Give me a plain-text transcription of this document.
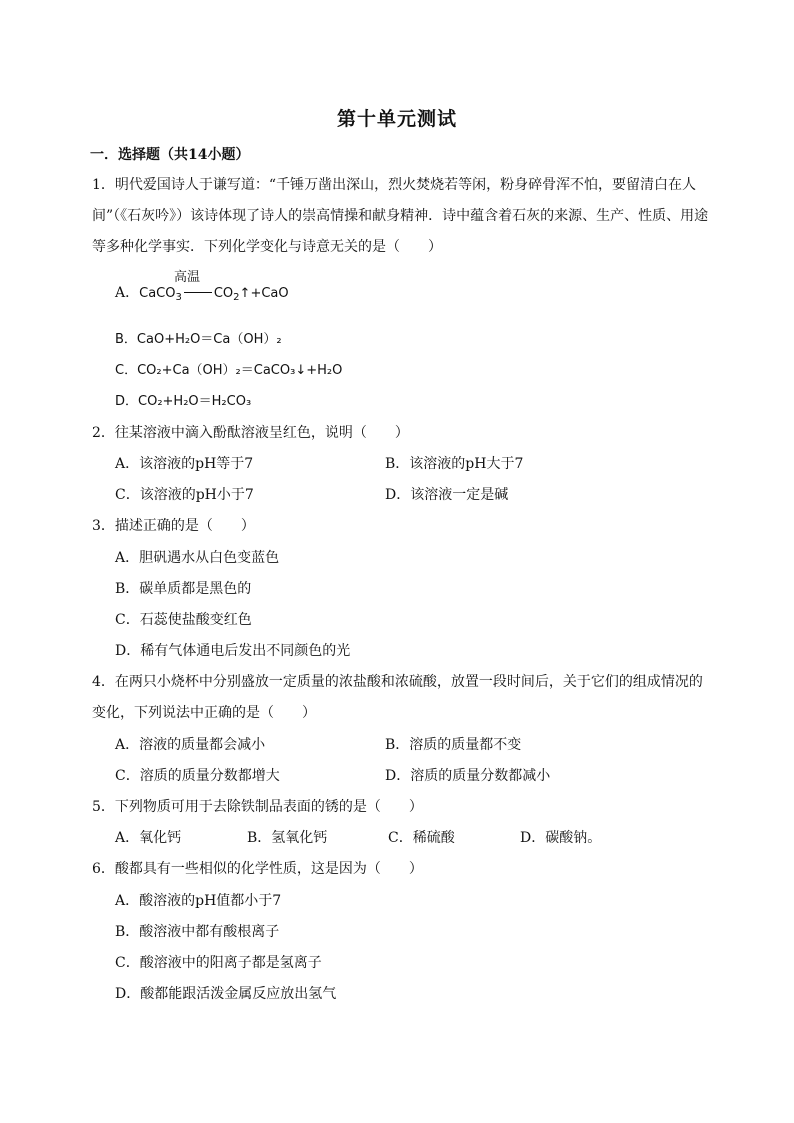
第十单元测试
一．选择题（共14小题）
1．明代爱国诗人于谦写道：“千锤万凿出深山，烈火焚烧若等闲，粉身碎骨浑不怕，要留清白在人间”（《石灰吟》）该诗体现了诗人的崇高情操和献身精神．诗中蕴含着石灰的来源、生产、性质、用途等多种化学事实．下列化学变化与诗意无关的是（　　）
高温
A．CaCO$_3$ $CO_2↑+CaO$
B．CaO+H₂O＝Ca（OH）₂
C．CO₂+Ca（OH）₂＝CaCO₃↓+H₂O
D．CO₂+H₂O＝H₂CO₃
2．往某溶液中滴入酚酞溶液呈红色，说明（　　）
A．该溶液的pH等于7	B．该溶液的pH大于7
C．该溶液的pH小于7	D．该溶液一定是碱
3．描述正确的是（　　）
A．胆矾遇水从白色变蓝色
B．碳单质都是黑色的
C．石蕊使盐酸变红色
D．稀有气体通电后发出不同颜色的光
4．在两只小烧杯中分别盛放一定质量的浓盐酸和浓硫酸，放置一段时间后，关于它们的组成情况的变化，下列说法中正确的是（　　）
A．溶液的质量都会减小	B．溶质的质量都不变
C．溶质的质量分数都增大	D．溶质的质量分数都减小
5．下列物质可用于去除铁制品表面的锈的是（　　）
A．氧化钙	B．氢氧化钙	C．稀硫酸	D．碳酸钠。
6．酸都具有一些相似的化学性质，这是因为（　　）
A．酸溶液的pH值都小于7
B．酸溶液中都有酸根离子
C．酸溶液中的阳离子都是氢离子
D．酸都能跟活泼金属反应放出氢气
